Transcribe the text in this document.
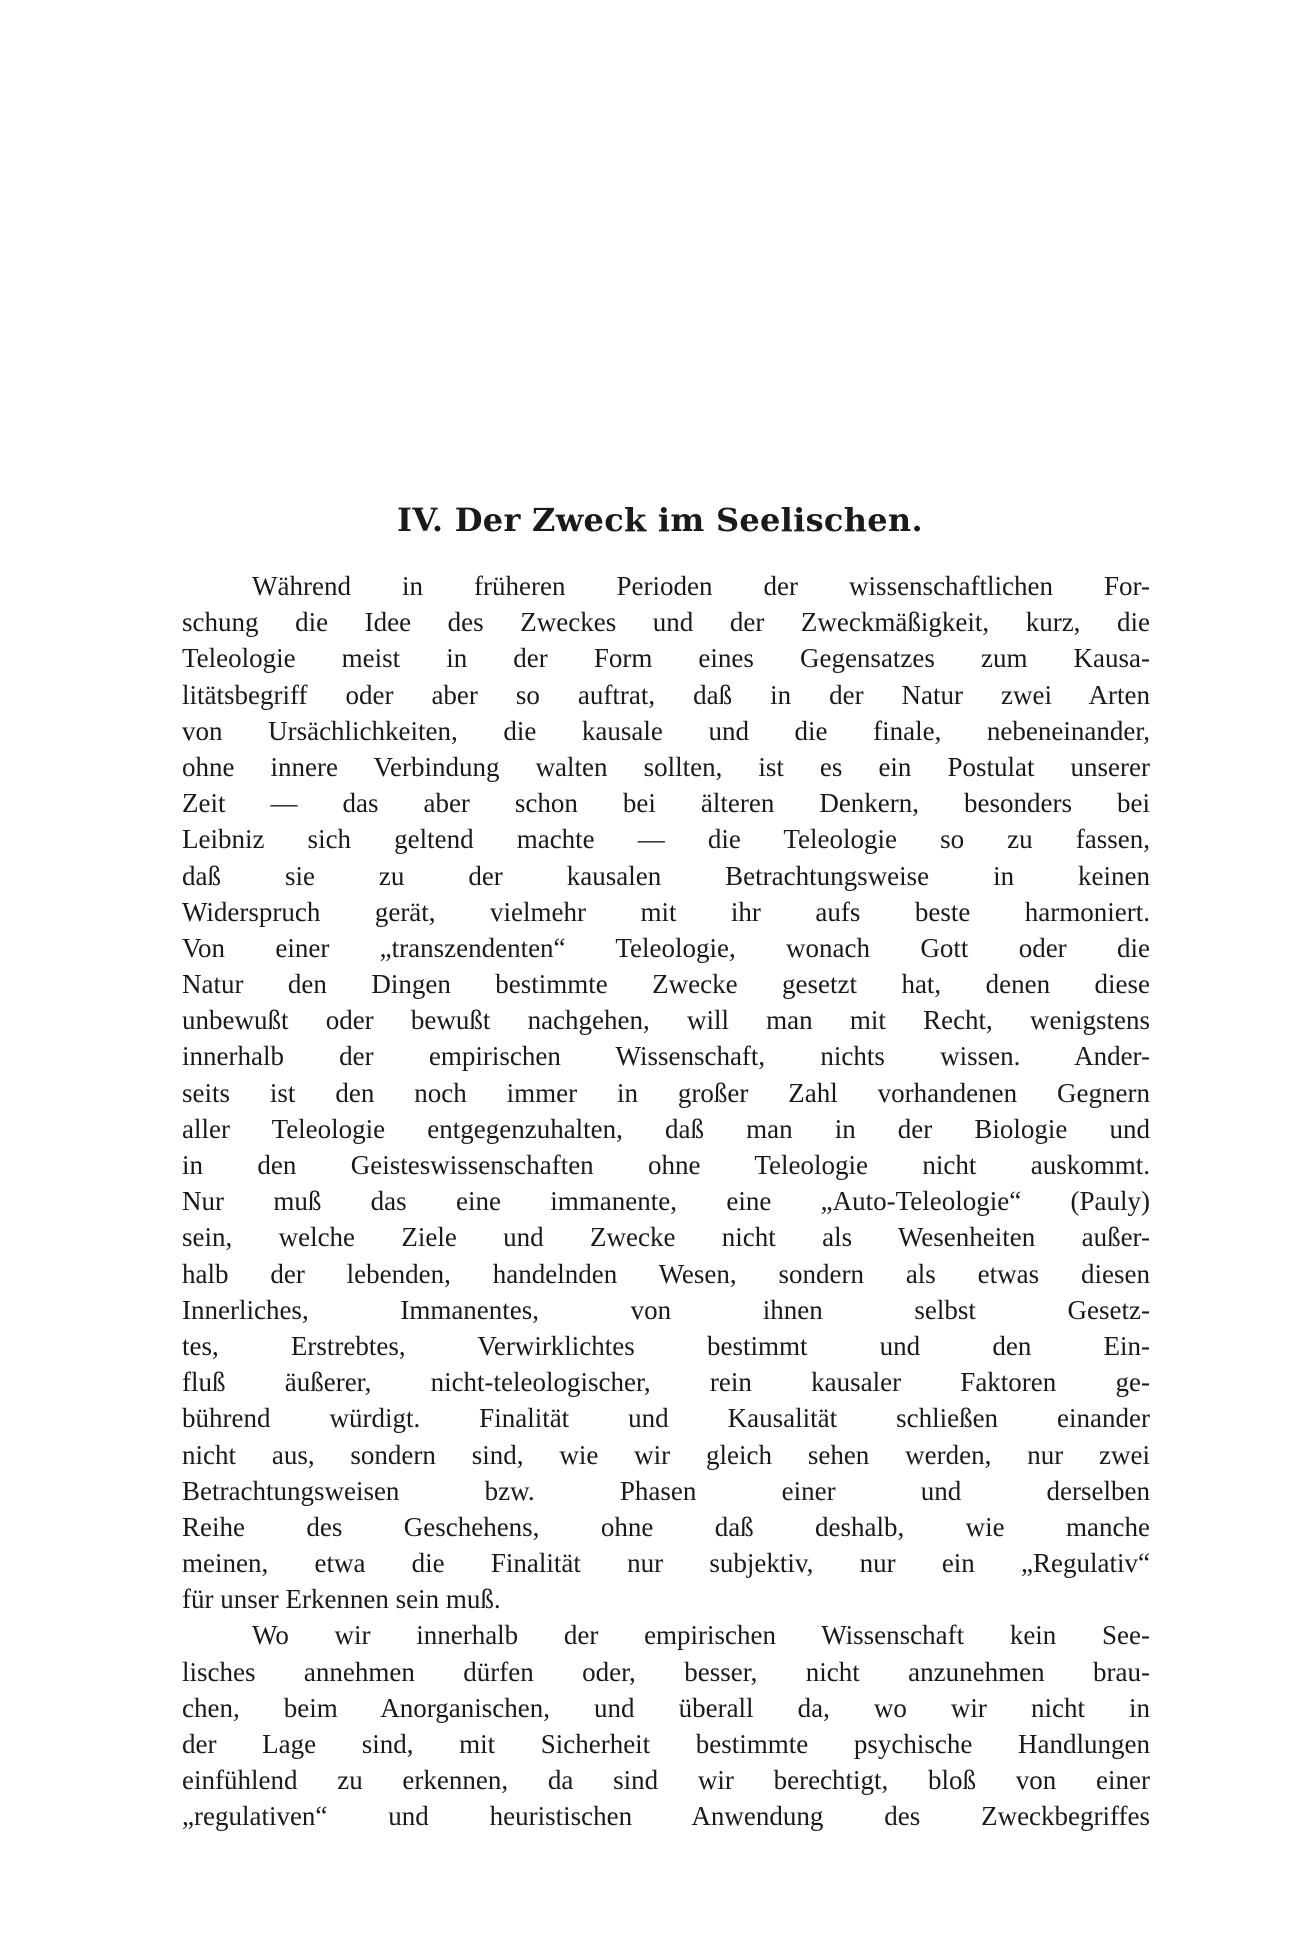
IV. Der Zweck im Seelischen.
Während in früheren Perioden der wissenschaftlichen For-
schung die Idee des Zweckes und der Zweckmäßigkeit, kurz, die
Teleologie meist in der Form eines Gegensatzes zum Kausa-
litätsbegriff oder aber so auftrat, daß in der Natur zwei Arten
von Ursächlichkeiten, die kausale und die finale, nebeneinander,
ohne innere Verbindung walten sollten, ist es ein Postulat unserer
Zeit — das aber schon bei älteren Denkern, besonders bei
Leibniz sich geltend machte — die Teleologie so zu fassen,
daß sie zu der kausalen Betrachtungsweise in keinen
Widerspruch gerät, vielmehr mit ihr aufs beste harmoniert.
Von einer „transzendenten“ Teleologie, wonach Gott oder die
Natur den Dingen bestimmte Zwecke gesetzt hat, denen diese
unbewußt oder bewußt nachgehen, will man mit Recht, wenigstens
innerhalb der empirischen Wissenschaft, nichts wissen. Ander-
seits ist den noch immer in großer Zahl vorhandenen Gegnern
aller Teleologie entgegenzuhalten, daß man in der Biologie und
in den Geisteswissenschaften ohne Teleologie nicht auskommt.
Nur muß das eine immanente, eine „Auto-Teleologie“ (Pauly)
sein, welche Ziele und Zwecke nicht als Wesenheiten außer-
halb der lebenden, handelnden Wesen, sondern als etwas diesen
Innerliches, Immanentes, von ihnen selbst Gesetz-
tes, Erstrebtes, Verwirklichtes bestimmt und den Ein-
fluß äußerer, nicht-teleologischer, rein kausaler Faktoren ge-
bührend würdigt. Finalität und Kausalität schließen einander
nicht aus, sondern sind, wie wir gleich sehen werden, nur zwei
Betrachtungsweisen bzw. Phasen einer und derselben
Reihe des Geschehens, ohne daß deshalb, wie manche
meinen, etwa die Finalität nur subjektiv, nur ein „Regulativ“
für unser Erkennen sein muß.
Wo wir innerhalb der empirischen Wissenschaft kein See-
lisches annehmen dürfen oder, besser, nicht anzunehmen brau-
chen, beim Anorganischen, und überall da, wo wir nicht in
der Lage sind, mit Sicherheit bestimmte psychische Handlungen
einfühlend zu erkennen, da sind wir berechtigt, bloß von einer
„regulativen“ und heuristischen Anwendung des Zweckbegriffes
